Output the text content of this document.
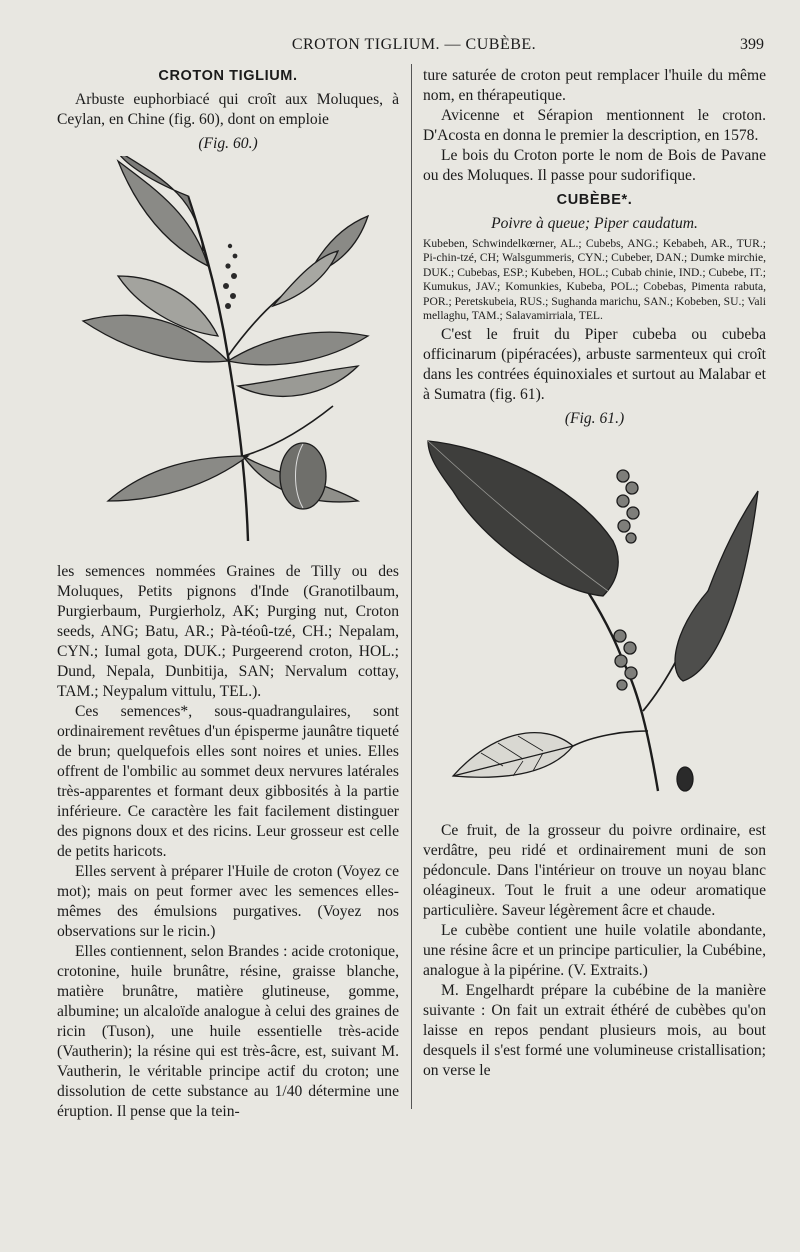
CROTON TIGLIUM. — CUBÈBE.	399
CROTON TIGLIUM.

Arbuste euphorbiacé qui croît aux Moluques, à Ceylan, en Chine (fig. 60), dont on emploie

(Fig. 60.)

les semences nommées Graines de Tilly ou des Moluques, Petits pignons d'Inde (Granotilbaum, Purgierbaum, Purgierholz, AK; Purging nut, Croton seeds, ANG; Batu, AR.; Pà-téoû-tzé, CH.; Nepalam, CYN.; Iumal gota, DUK.; Purgeerend croton, HOL.; Dund, Nepala, Dunbitija, SAN; Nervalum cottay, TAM.; Neypalum vittulu, TEL.).

Ces semences*, sous-quadrangulaires, sont ordinairement revêtues d'un épisperme jaunâtre tiqueté de brun; quelquefois elles sont noires et unies. Elles offrent de l'ombilic au sommet deux nervures latérales très-apparentes et formant deux gibbosités à la partie inférieure. Ce caractère les fait facilement distinguer des pignons doux et des ricins. Leur grosseur est celle de petits haricots.

Elles servent à préparer l'Huile de croton (Voyez ce mot); mais on peut former avec les semences elles-mêmes des émulsions purgatives. (Voyez nos observations sur le ricin.)

Elles contiennent, selon Brandes : acide crotonique, crotonine, huile brunâtre, résine, graisse blanche, matière brunâtre, matière glutineuse, gomme, albumine; un alcaloïde analogue à celui des graines de ricin (Tuson), une huile essentielle très-acide (Vautherin); la résine qui est très-âcre, est, suivant M. Vautherin, le véritable principe actif du croton; une dissolution de cette substance au 1/40 détermine une éruption. Il pense que la tein-

ture saturée de croton peut remplacer l'huile du même nom, en thérapeutique.

Avicenne et Sérapion mentionnent le croton. D'Acosta en donna le premier la description, en 1578.

Le bois du Croton porte le nom de Bois de Pavane ou des Moluques. Il passe pour sudorifique.

CUBÈBE*.
Poivre à queue; Piper caudatum.

Kubeben, Schwindelkœrner, AL.; Cubebs, ANG.; Kebabeh, AR., TUR.; Pi-chin-tzé, CH; Walsgummeris, CYN.; Cubeber, DAN.; Dumke mirchie, DUK.; Cubebas, ESP.; Kubeben, HOL.; Cubab chinie, IND.; Cubebe, IT.; Kumukus, JAV.; Komunkies, Kubeba, POL.; Cobebas, Pimenta rabuta, POR.; Peretskubeia, RUS.; Sughanda marichu, SAN.; Kobeben, SU.; Vali mellaghu, TAM.; Salavamirriala, TEL.

C'est le fruit du Piper cubeba ou cubeba officinarum (pipéracées), arbuste sarmenteux qui croît dans les contrées équinoxiales et surtout au Malabar et à Sumatra (fig. 61).

(Fig. 61.)

Ce fruit, de la grosseur du poivre ordinaire, est verdâtre, peu ridé et ordinairement muni de son pédoncule. Dans l'intérieur on trouve un noyau blanc oléagineux. Tout le fruit a une odeur aromatique particulière. Saveur légèrement âcre et chaude.

Le cubèbe contient une huile volatile abondante, une résine âcre et un principe particulier, la Cubébine, analogue à la pipérine. (V. Extraits.)

M. Engelhardt prépare la cubébine de la manière suivante : On fait un extrait éthéré de cubèbes qu'on laisse en repos pendant plusieurs mois, au bout desquels il s'est formé une volumineuse cristallisation; on verse le
